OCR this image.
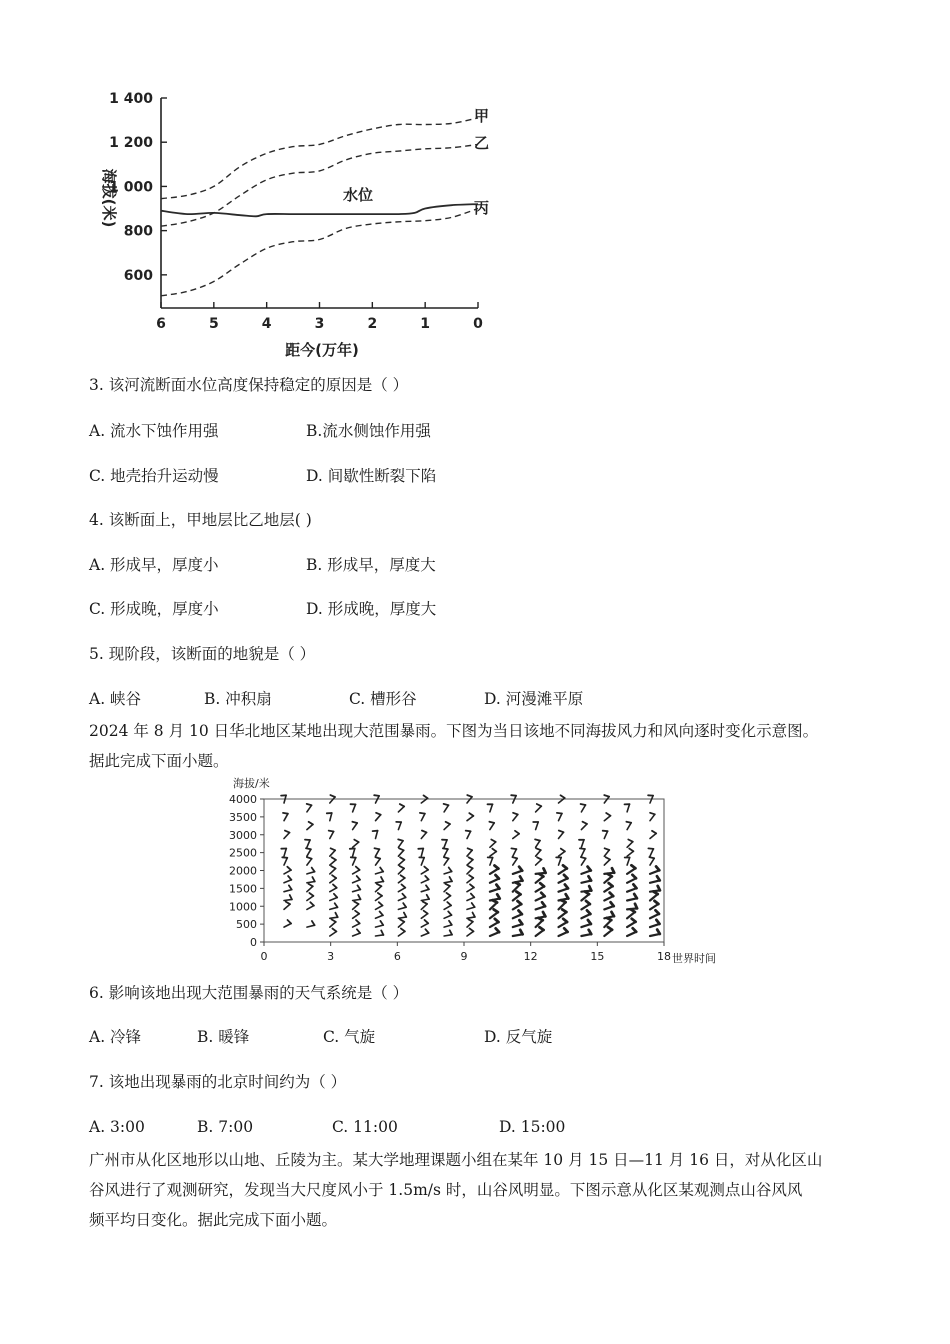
1 400
1 200
1 000
800
600
6	5	4	3	2	1	0
海拔(米)
距今(万年)
水位
甲
乙
丙
3. 该河流断面水位高度保持稳定的原因是（ ）
A. 流水下蚀作用强	B.流水侧蚀作用强
C. 地壳抬升运动慢	D. 间歇性断裂下陷
4. 该断面上，甲地层比乙地层( )
A. 形成早，厚度小	B. 形成早，厚度大
C. 形成晚，厚度小	D. 形成晚，厚度大
5. 现阶段，该断面的地貌是（ ）
A. 峡谷	B. 冲积扇	C. 槽形谷	D. 河漫滩平原
2024 年 8 月 10 日华北地区某地出现大范围暴雨。下图为当日该地不同海拔风力和风向逐时变化示意图。
据此完成下面小题。
海拔/米
4000
3500
3000
2500
2000
1500
1000
500
0
0	3	6	9	12	15	18 世界时间
6. 影响该地出现大范围暴雨的天气系统是（ ）
A. 冷锋	B. 暖锋	C. 气旋	D. 反气旋
7. 该地出现暴雨的北京时间约为（ ）
A. 3:00	B. 7:00	C. 11:00	D. 15:00
广州市从化区地形以山地、丘陵为主。某大学地理课题小组在某年 10 月 15 日—11 月 16 日，对从化区山
谷风进行了观测研究，发现当大尺度风小于 1.5m/s 时，山谷风明显。下图示意从化区某观测点山谷风风
频平均日变化。据此完成下面小题。
